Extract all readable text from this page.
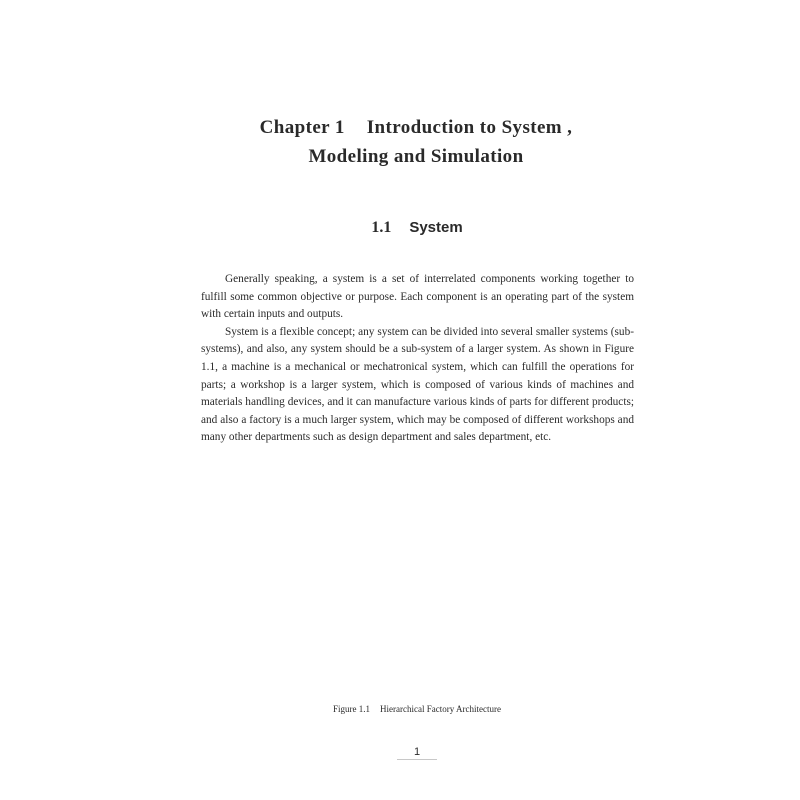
Chapter 1 Introduction to System ,
Modeling and Simulation
1.1 System

Generally speaking, a system is a set of interrelated components working together to fulfill some common objective or purpose. Each component is an operating part of the system with certain inputs and outputs.

System is a flexible concept; any system can be divided into several smaller systems (sub-systems), and also, any system should be a sub-system of a larger system. As shown in Figure 1.1, a machine is a mechanical or mechatronical system, which can fulfill the operations for parts; a workshop is a larger system, which is composed of various kinds of machines and materials handling devices, and it can manufacture various kinds of parts for different products; and also a factory is a much larger system, which may be composed of different workshops and many other departments such as design department and sales department, etc.

Figure 1.1 Hierarchical Factory Architecture
1
